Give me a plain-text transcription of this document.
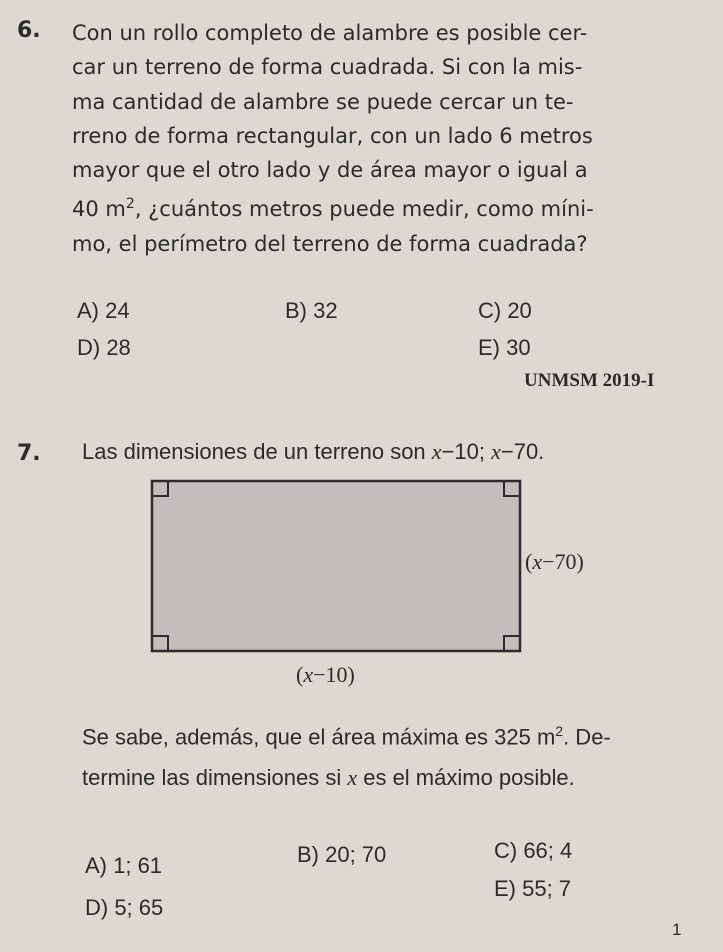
6. Con un rollo completo de alambre es posible cer-
car un terreno de forma cuadrada. Si con la mis-
ma cantidad de alambre se puede cercar un te-
rreno de forma rectangular, con un lado 6 metros
mayor que el otro lado y de área mayor o igual a
40 $m^2$, ¿cuántos metros puede medir, como míni-
mo, el perímetro del terreno de forma cuadrada?
A) 24	B) 32	C) 20
D) 28	E) 30
UNMSM 2019-I
7. Las dimensiones de un terreno son x−10; x−70.
(x−70)
(x−10)
Se sabe, además, que el área máxima es 325 $m^2$. De-
termine las dimensiones si x es el máximo posible.
A) 1; 61	B) 20; 70	C) 66; 4
D) 5; 65
E) 55; 7
1
